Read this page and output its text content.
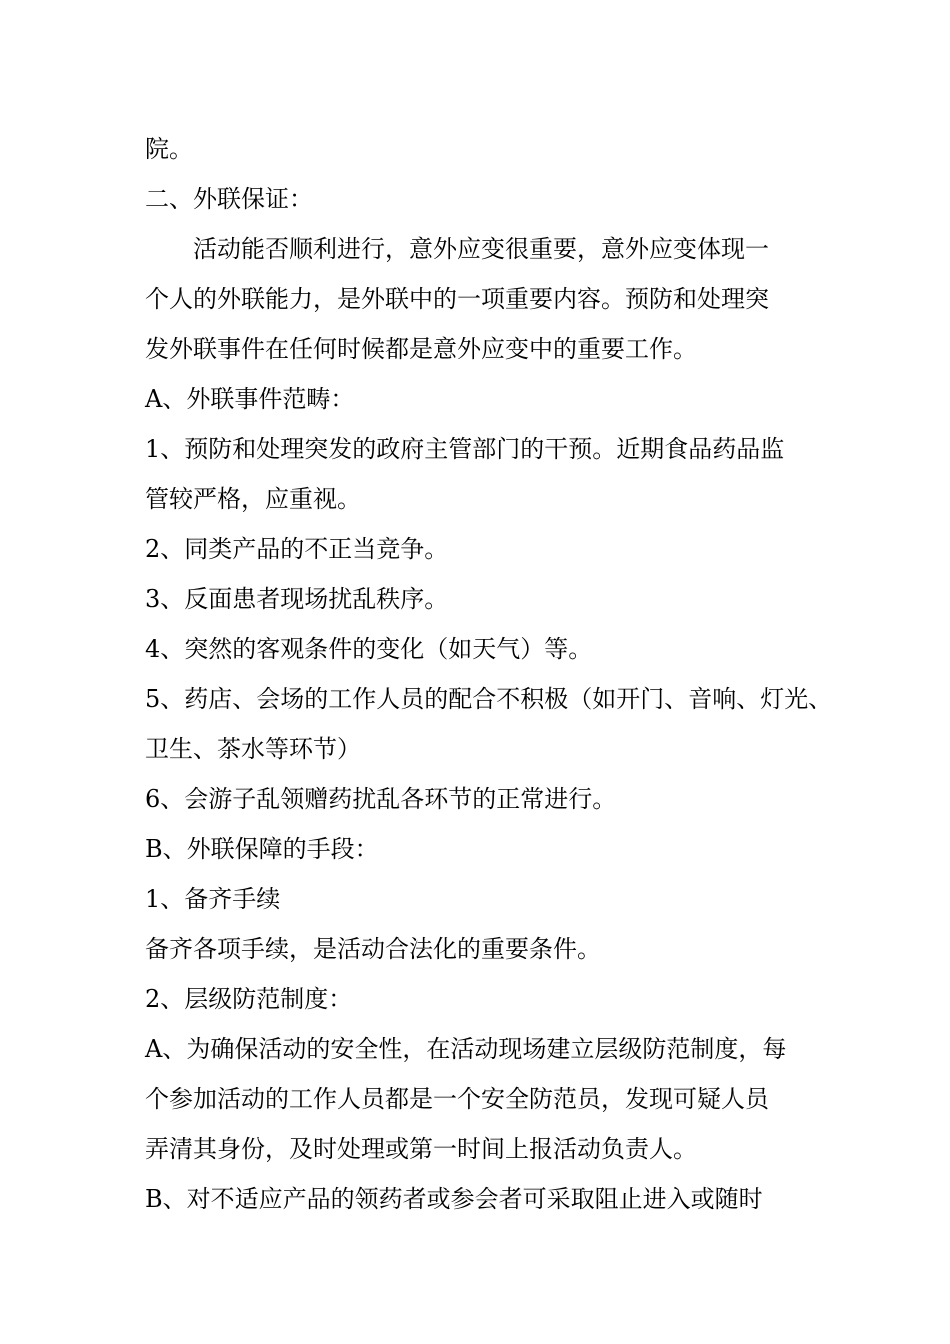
院。
二、外联保证：
活动能否顺利进行，意外应变很重要，意外应变体现一
个人的外联能力，是外联中的一项重要内容。预防和处理突
发外联事件在任何时候都是意外应变中的重要工作。
A、外联事件范畴：
1、预防和处理突发的政府主管部门的干预。近期食品药品监
管较严格，应重视。
2、同类产品的不正当竞争。
3、反面患者现场扰乱秩序。
4、突然的客观条件的变化（如天气）等。
5、药店、会场的工作人员的配合不积极（如开门、音响、灯光、
卫生、茶水等环节）
6、会游子乱领赠药扰乱各环节的正常进行。
B、外联保障的手段：
1、备齐手续
备齐各项手续，是活动合法化的重要条件。
2、层级防范制度：
A、为确保活动的安全性，在活动现场建立层级防范制度，每
个参加活动的工作人员都是一个安全防范员，发现可疑人员
弄清其身份，及时处理或第一时间上报活动负责人。
B、对不适应产品的领药者或参会者可采取阻止进入或随时
